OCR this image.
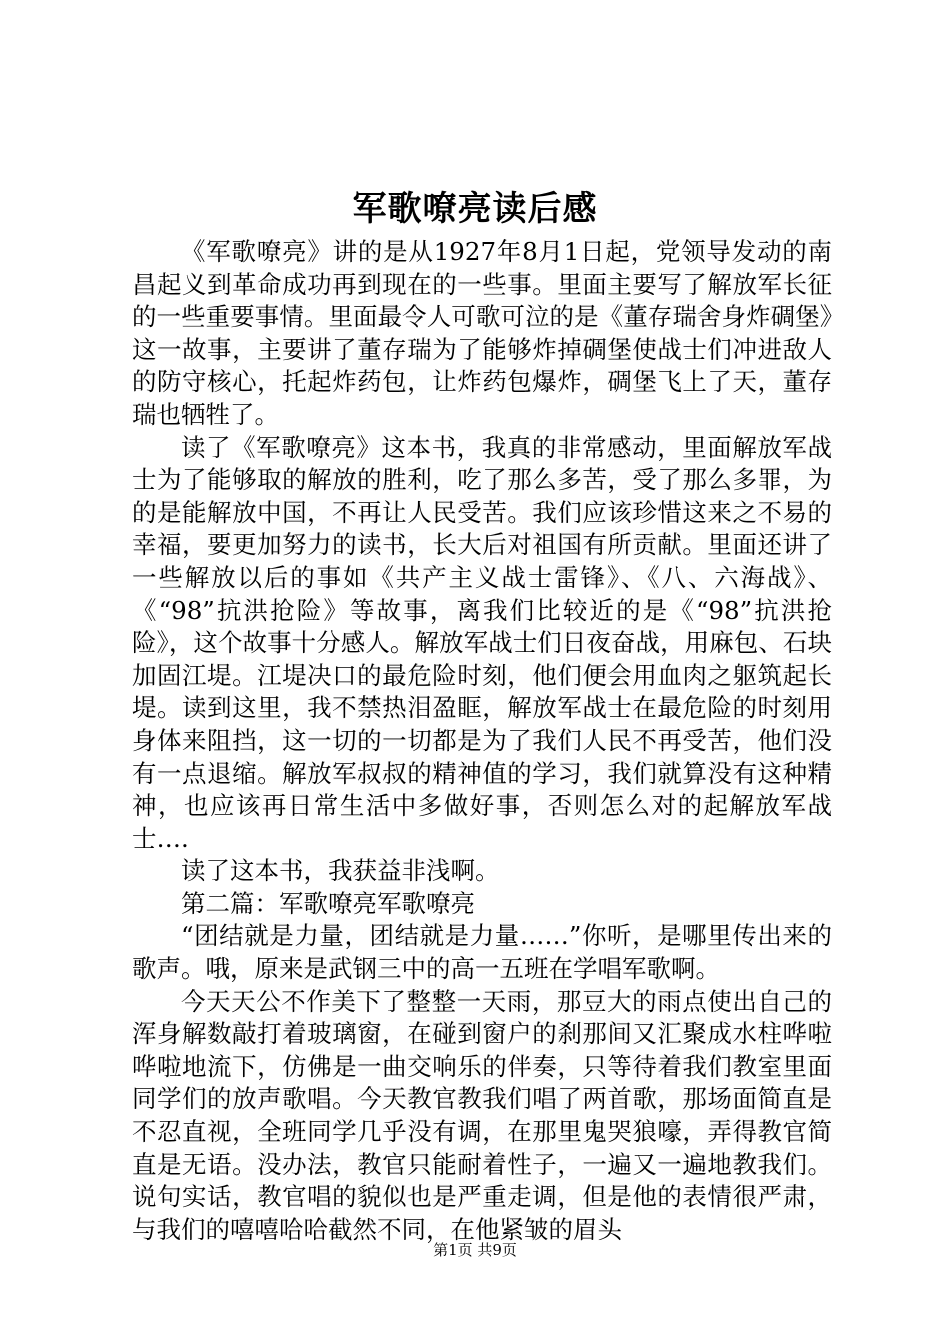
军歌嘹亮读后感

《军歌嘹亮》讲的是从1927年8月1日起，党领导发动的南昌起义到革命成功再到现在的一些事。里面主要写了解放军长征的一些重要事情。里面最令人可歌可泣的是《董存瑞舍身炸碉堡》这一故事，主要讲了董存瑞为了能够炸掉碉堡使战士们冲进敌人的防守核心，托起炸药包，让炸药包爆炸，碉堡飞上了天，董存瑞也牺牲了。

读了《军歌嘹亮》这本书，我真的非常感动，里面解放军战士为了能够取的解放的胜利，吃了那么多苦，受了那么多罪，为的是能解放中国，不再让人民受苦。我们应该珍惜这来之不易的幸福，要更加努力的读书，长大后对祖国有所贡献。里面还讲了一些解放以后的事如《共产主义战士雷锋》、《八、六海战》、《“98”抗洪抢险》等故事，离我们比较近的是《“98”抗洪抢险》，这个故事十分感人。解放军战士们日夜奋战，用麻包、石块加固江堤。江堤决口的最危险时刻，他们便会用血肉之躯筑起长堤。读到这里，我不禁热泪盈眶，解放军战士在最危险的时刻用身体来阻挡，这一切的一切都是为了我们人民不再受苦，他们没有一点退缩。解放军叔叔的精神值的学习，我们就算没有这种精神，也应该再日常生活中多做好事，否则怎么对的起解放军战士….

读了这本书，我获益非浅啊。

第二篇：军歌嘹亮军歌嘹亮

“团结就是力量，团结就是力量……”你听，是哪里传出来的歌声。哦，原来是武钢三中的高一五班在学唱军歌啊。

今天天公不作美下了整整一天雨，那豆大的雨点使出自己的浑身解数敲打着玻璃窗，在碰到窗户的刹那间又汇聚成水柱哗啦哗啦地流下，仿佛是一曲交响乐的伴奏，只等待着我们教室里面同学们的放声歌唱。今天教官教我们唱了两首歌，那场面简直是不忍直视，全班同学几乎没有调，在那里鬼哭狼嚎，弄得教官简直是无语。没办法，教官只能耐着性子，一遍又一遍地教我们。说句实话，教官唱的貌似也是严重走调，但是他的表情很严肃，与我们的嘻嘻哈哈截然不同，在他紧皱的眉头

第1页 共9页
